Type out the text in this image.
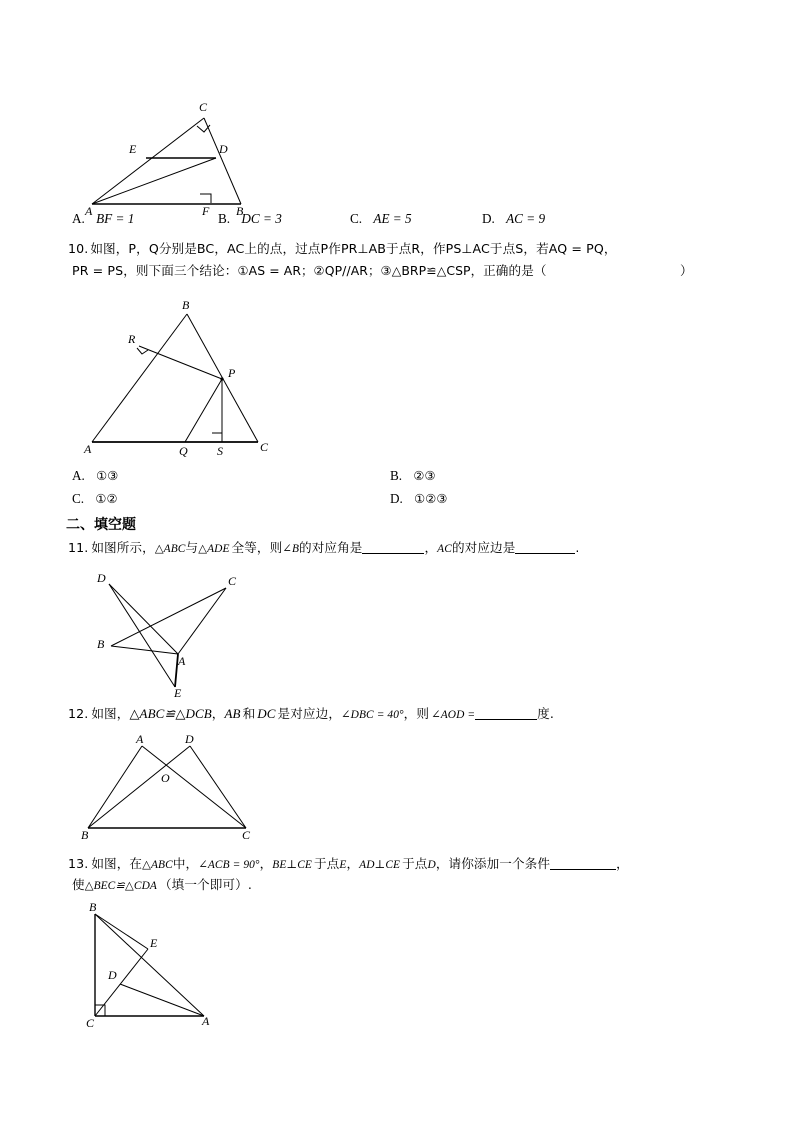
C
E	D
A	F B
A. BF = 1	B. DC = 3	C. AE = 5	D. AC = 9
10. 如图，P，Q分别是BC，AC上的点，过点P作PR⊥AB于点R，作PS⊥AC于点S，若AQ = PQ，
PR = PS，则下面三个结论：①AS = AR；②QP//AR；③△BRP≌△CSP，正确的是（	）
B
R
P
A	Q S	C
A. ①③	B. ②③
C. ①②	D. ①②③
二、填空题
11. 如图所示，△ABC与△ADE 全等，则∠B的对应角是	，AC的对应边是	.
D	C
B
A
E
12. 如图，△ABC≌△DCB，AB 和 DC 是对应边，∠DBC = 40°，则 ∠AOD =	度.
A	D
O
B	C
13. 如图，在△ABC中，∠ACB = 90°，BE⊥CE 于点E，AD⊥CE 于点D，请你添加一个条件	，
使△BEC≌△CDA （填一个即可）.
B
E
D
C	A
